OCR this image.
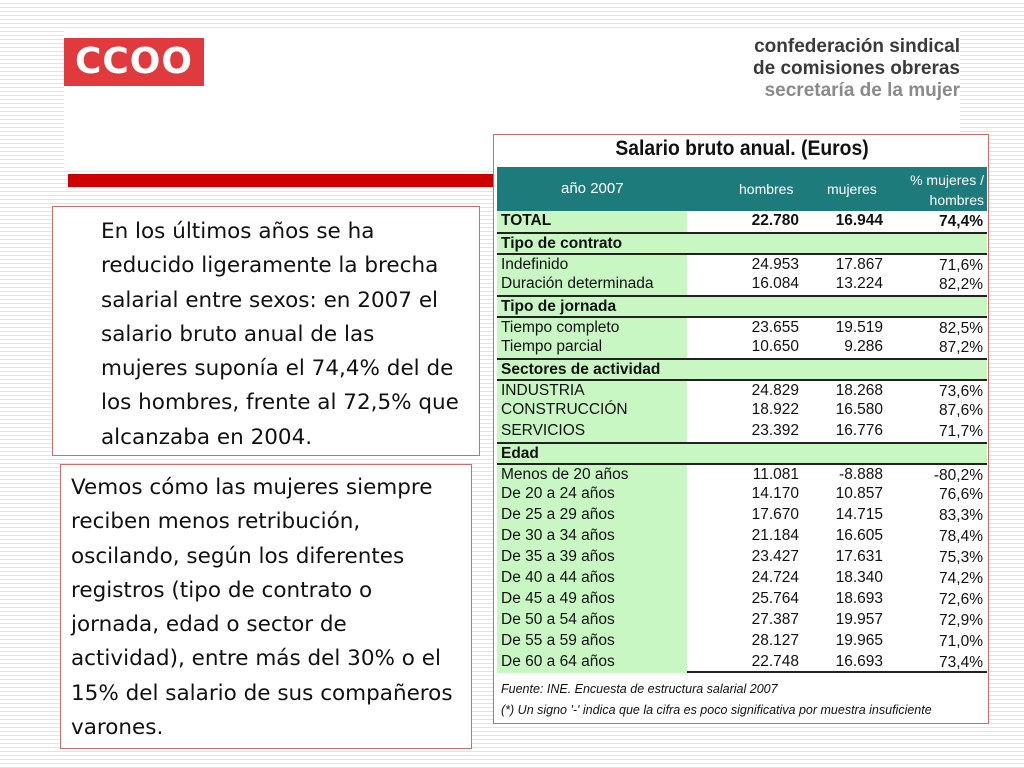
CCOO	confederación sindical
de comisiones obreras
secretaría de la mujer

En los últimos años se ha reducido ligeramente la brecha salarial entre sexos: en 2007 el salario bruto anual de las mujeres suponía el 74,4% del de los hombres, frente al 72,5% que alcanzaba en 2004.

Vemos cómo las mujeres siempre reciben menos retribución, oscilando, según los diferentes registros (tipo de contrato o jornada, edad o sector de actividad), entre más del 30% o el 15% del salario de sus compañeros varones.

Salario bruto anual. (Euros)
año 2007	hombres mujeres
% mujeres /
hombres
TOTAL	22.780 16.944	74,4%
Tipo de contrato
Indefinido	24.953 17.867	71,6%
Duración determinada	16.084 13.224	82,2%
Tipo de jornada
Tiempo completo	23.655 19.519	82,5%
Tiempo parcial	10.650	9.286	87,2%
Sectores de actividad
INDUSTRIA	24.829 18.268	73,6%
CONSTRUCCIÓN	18.922 16.580	87,6%
SERVICIOS	23.392 16.776	71,7%
Edad
Menos de 20 años	11.081	-8.888	-80,2%
De 20 a 24 años	14.170 10.857	76,6%
De 25 a 29 años	17.670 14.715	83,3%
De 30 a 34 años	21.184 16.605	78,4%
De 35 a 39 años	23.427 17.631	75,3%
De 40 a 44 años	24.724 18.340	74,2%
De 45 a 49 años	25.764 18.693	72,6%
De 50 a 54 años	27.387 19.957	72,9%
De 55 a 59 años	28.127 19.965	71,0%
De 60 a 64 años	22.748 16.693	73,4%
Fuente: INE. Encuesta de estructura salarial 2007
(*) Un signo '-' indica que la cifra es poco significativa por muestra insuficiente
